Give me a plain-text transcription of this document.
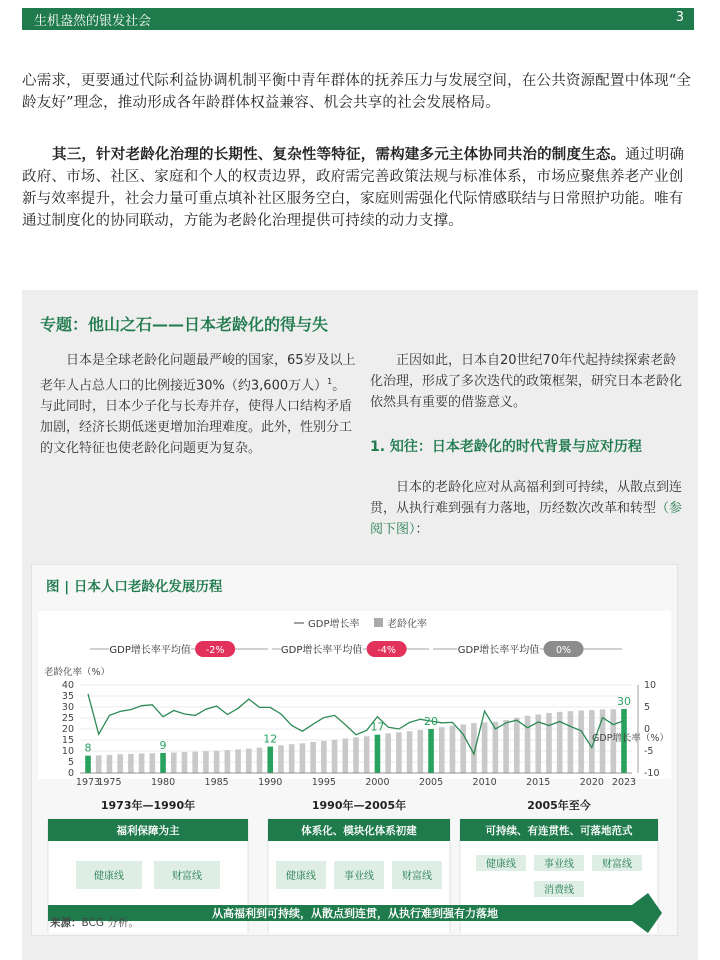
生机盎然的银发社会	3

心需求，更要通过代际利益协调机制平衡中青年群体的抚养压力与发展空间，在公共资源配置中体现“全龄友好”理念，推动形成各年龄群体权益兼容、机会共享的社会发展格局。

其三，针对老龄化治理的长期性、复杂性等特征，需构建多元主体协同共治的制度生态。通过明确政府、市场、社区、家庭和个人的权责边界，政府需完善政策法规与标准体系，市场应聚焦养老产业创新与效率提升，社会力量可重点填补社区服务空白，家庭则需强化代际情感联结与日常照护功能。唯有通过制度化的协同联动，方能为老龄化治理提供可持续的动力支撑。

专题：他山之石——日本老龄化的得与失

日本是全球老龄化问题最严峻的国家，65岁及以上老年人占总人口的比例接近30%（约3,600万人）$^1$。与此同时，日本少子化与长寿并存，使得人口结构矛盾加剧，经济长期低迷更增加治理难度。此外，性别分工的文化特征也使老龄化问题更为复杂。

正因如此，日本自20世纪70年代起持续探索老龄化治理，形成了多次迭代的政策框架，研究日本老龄化依然具有重要的借鉴意义。

1. 知往：日本老龄化的时代背景与应对历程

日本的老龄化应对从高福利到可持续，从散点到连贯，从执行难到强有力落地，历经数次改革和转型（参阅下图）：

图 | 日本人口老龄化发展历程
8	9	12
17	20
30
老龄化率（%）
GDP增长率（%）
0
5
10
15
20
25
30
35
40
-10
-5
0
5
10
1973
1975	1980	1985	1990	1995	2000	2005	2010	2015	2020 2023
GDP增长率	老龄化率
GDP增长率平均值 -2%	GDP增长率平均值 -4%	GDP增长率平均值 0%
1973年—1990年
福利保障为主
健康线	财富线
1990年—2005年
体系化、模块化体系初建
健康线	事业线	财富线
2005年至今
可持续、有连贯性、可落地范式
健康线	事业线	财富线
消费线
从高福利到可持续，从散点到连贯，从执行难到强有力落地
来源：BCG 分析。
